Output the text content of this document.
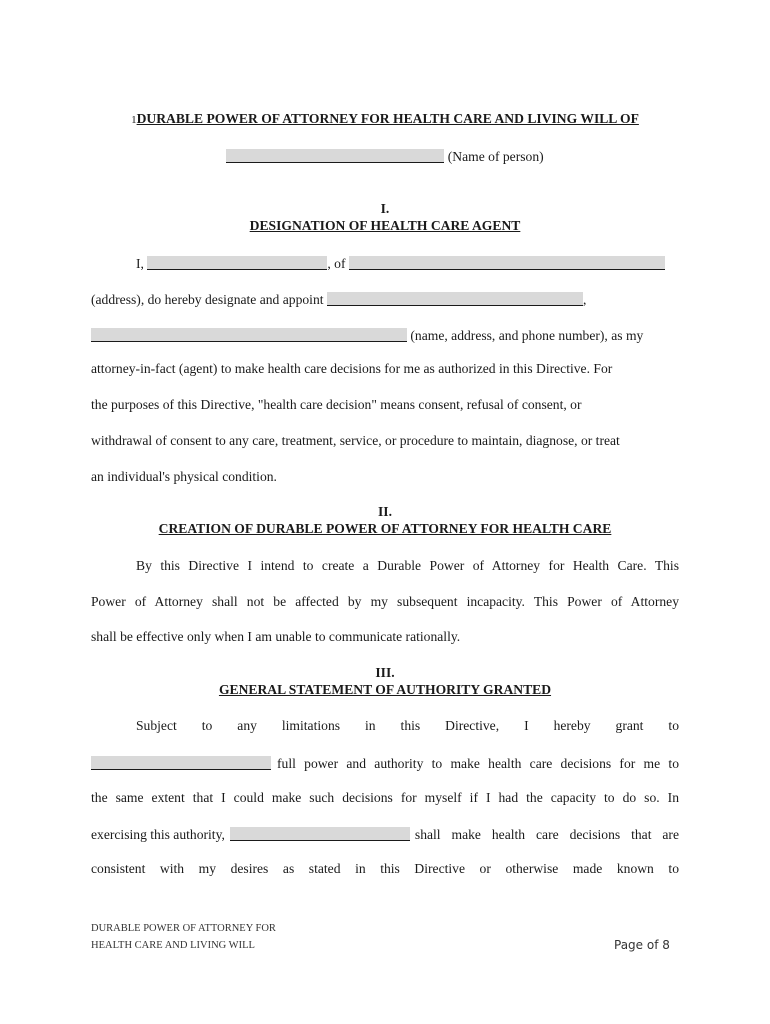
1DURABLE POWER OF ATTORNEY FOR HEALTH CARE AND LIVING WILL OF
(Name of person)
I.
DESIGNATION OF HEALTH CARE AGENT
I,	, of
(address), do hereby designate and appoint	,
(name, address, and phone number), as my
attorney-in-fact (agent) to make health care decisions for me as authorized in this Directive. For
the purposes of this Directive, "health care decision" means consent, refusal of consent, or
withdrawal of consent to any care, treatment, service, or procedure to maintain, diagnose, or treat
an individual's physical condition.
II.
CREATION OF DURABLE POWER OF ATTORNEY FOR HEALTH CARE
By this Directive I intend to create a Durable Power of Attorney for Health Care. This
Power of Attorney shall not be affected by my subsequent incapacity. This Power of Attorney
shall be effective only when I am unable to communicate rationally.
III.
GENERAL STATEMENT OF AUTHORITY GRANTED
Subject to any limitations in this Directive, I hereby grant to
full power and authority to make health care decisions for me to
the same extent that I could make such decisions for myself if I had the capacity to do so. In
exercising this authority,	shall make health care decisions that are
consistent with my desires as stated in this Directive or otherwise made known to
DURABLE POWER OF ATTORNEY FOR
HEALTH CARE AND LIVING WILL	Page of 8
